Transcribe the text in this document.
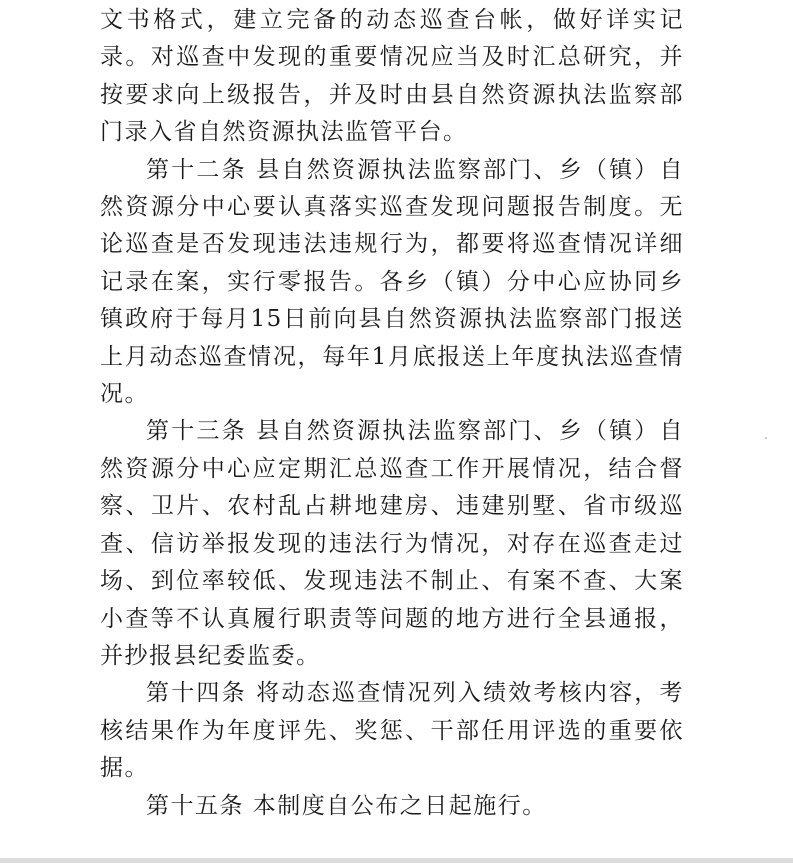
文书格式，建立完备的动态巡查台帐，做好详实记录。对巡查中发现的重要情况应当及时汇总研究，并按要求向上级报告，并及时由县自然资源执法监察部门录入省自然资源执法监管平台。

第十二条 县自然资源执法监察部门、乡（镇）自然资源分中心要认真落实巡查发现问题报告制度。无论巡查是否发现违法违规行为，都要将巡查情况详细记录在案，实行零报告。各乡（镇）分中心应协同乡镇政府于每月15日前向县自然资源执法监察部门报送上月动态巡查情况，每年1月底报送上年度执法巡查情况。

第十三条 县自然资源执法监察部门、乡（镇）自然资源分中心应定期汇总巡查工作开展情况，结合督察、卫片、农村乱占耕地建房、违建别墅、省市级巡查、信访举报发现的违法行为情况，对存在巡查走过场、到位率较低、发现违法不制止、有案不查、大案小查等不认真履行职责等问题的地方进行全县通报，并抄报县纪委监委。

第十四条 将动态巡查情况列入绩效考核内容，考核结果作为年度评先、奖惩、干部任用评选的重要依据。

第十五条 本制度自公布之日起施行。
